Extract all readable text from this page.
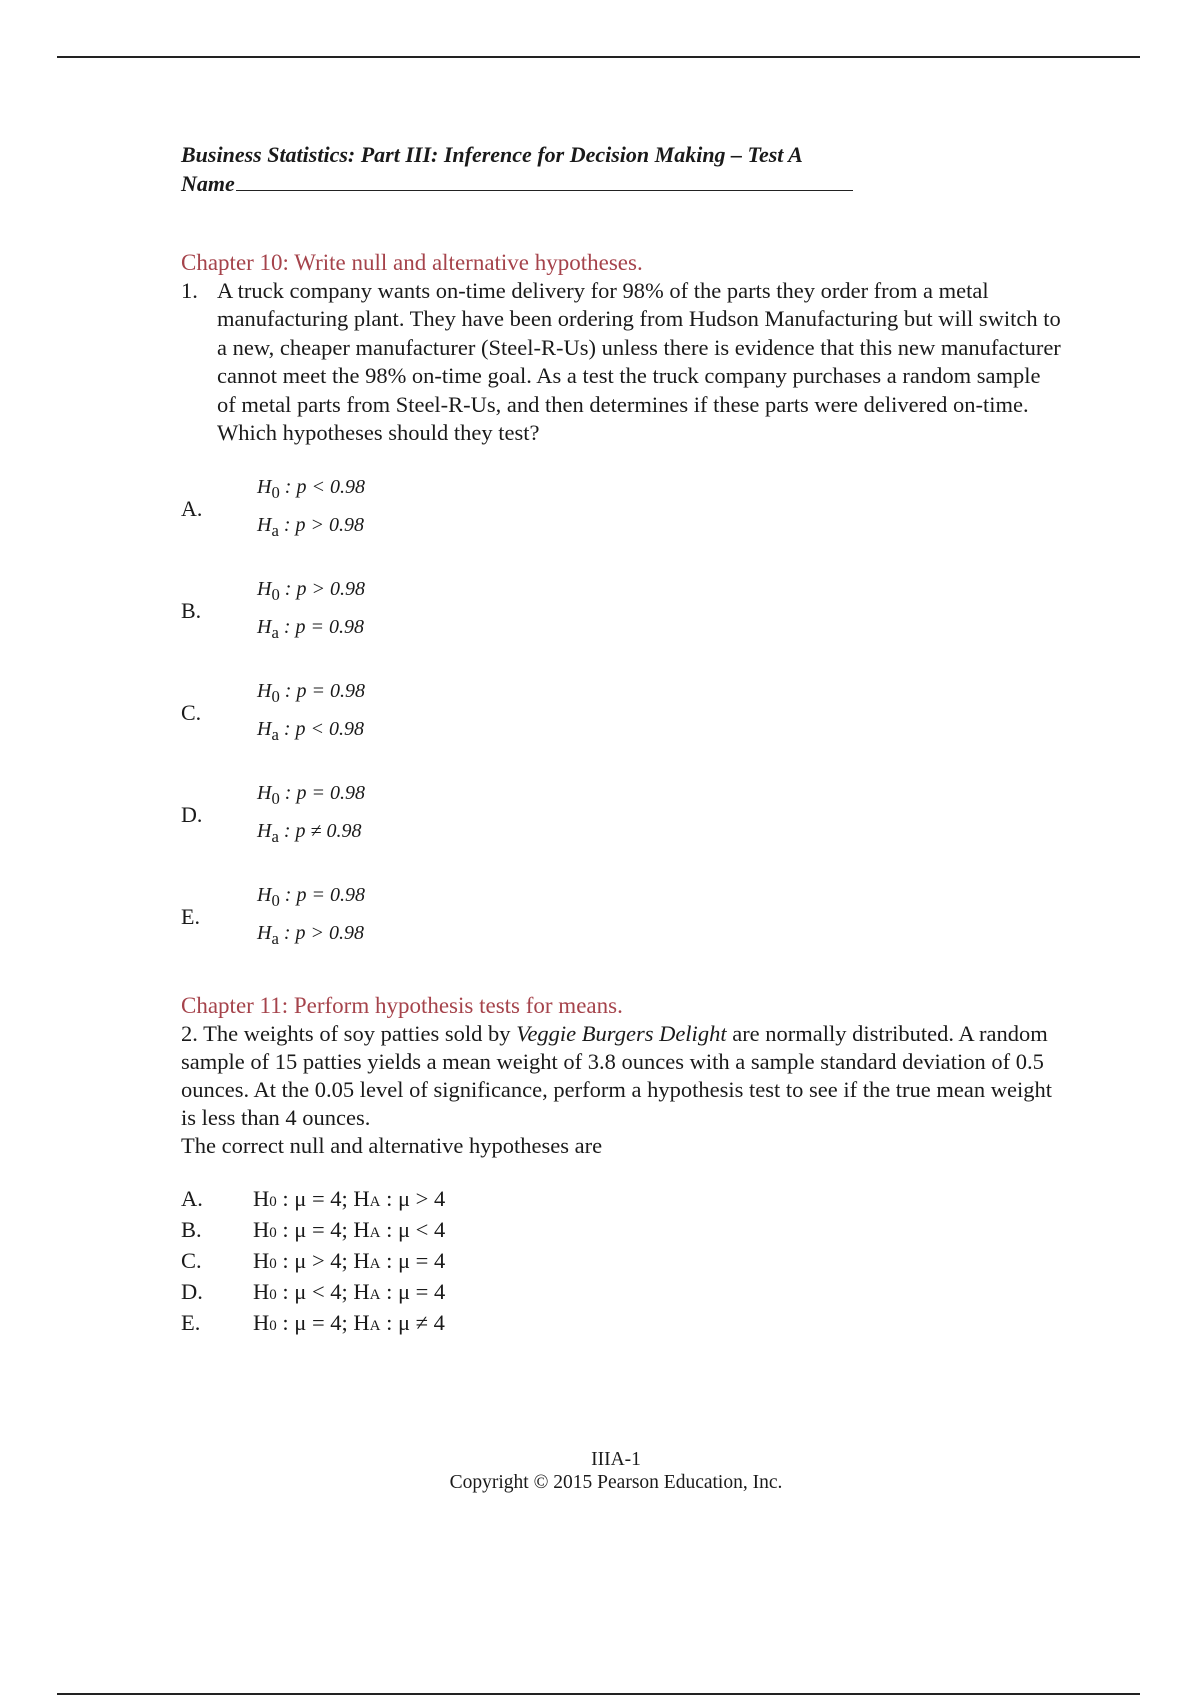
Business Statistics: Part III: Inference for Decision Making – Test A
Name
Chapter 10: Write null and alternative hypotheses.
1. A truck company wants on-time delivery for 98% of the parts they order from a metal manufacturing plant. They have been ordering from Hudson Manufacturing but will switch to a new, cheaper manufacturer (Steel-R-Us) unless there is evidence that this new manufacturer cannot meet the 98% on-time goal. As a test the truck company purchases a random sample of metal parts from Steel-R-Us, and then determines if these parts were delivered on-time. Which hypotheses should they test?
A.
$H_0$ : p < 0.98
$H_a$ : p > 0.98
B.
$H_0$ : p > 0.98
$H_a$ : p = 0.98
C.
$H_0$ : p = 0.98
$H_a$ : p < 0.98
D.
$H_0$ : p = 0.98
$H_a$ : p ≠ 0.98
E.
$H_0$ : p = 0.98
$H_a$ : p > 0.98
Chapter 11: Perform hypothesis tests for means.
2. The weights of soy patties sold by Veggie Burgers Delight are normally distributed. A random sample of 15 patties yields a mean weight of 3.8 ounces with a sample standard deviation of 0.5 ounces. At the 0.05 level of significance, perform a hypothesis test to see if the true mean weight is less than 4 ounces.
The correct null and alternative hypotheses are
A.	H0 : μ = 4; HA : μ > 4
B.	H0 : μ = 4; HA : μ < 4
C.	H0 : μ > 4; HA : μ = 4
D.	H0 : μ < 4; HA : μ = 4
E.	H0 : μ = 4; HA : μ ≠ 4
IIIA-1
Copyright © 2015 Pearson Education, Inc.
